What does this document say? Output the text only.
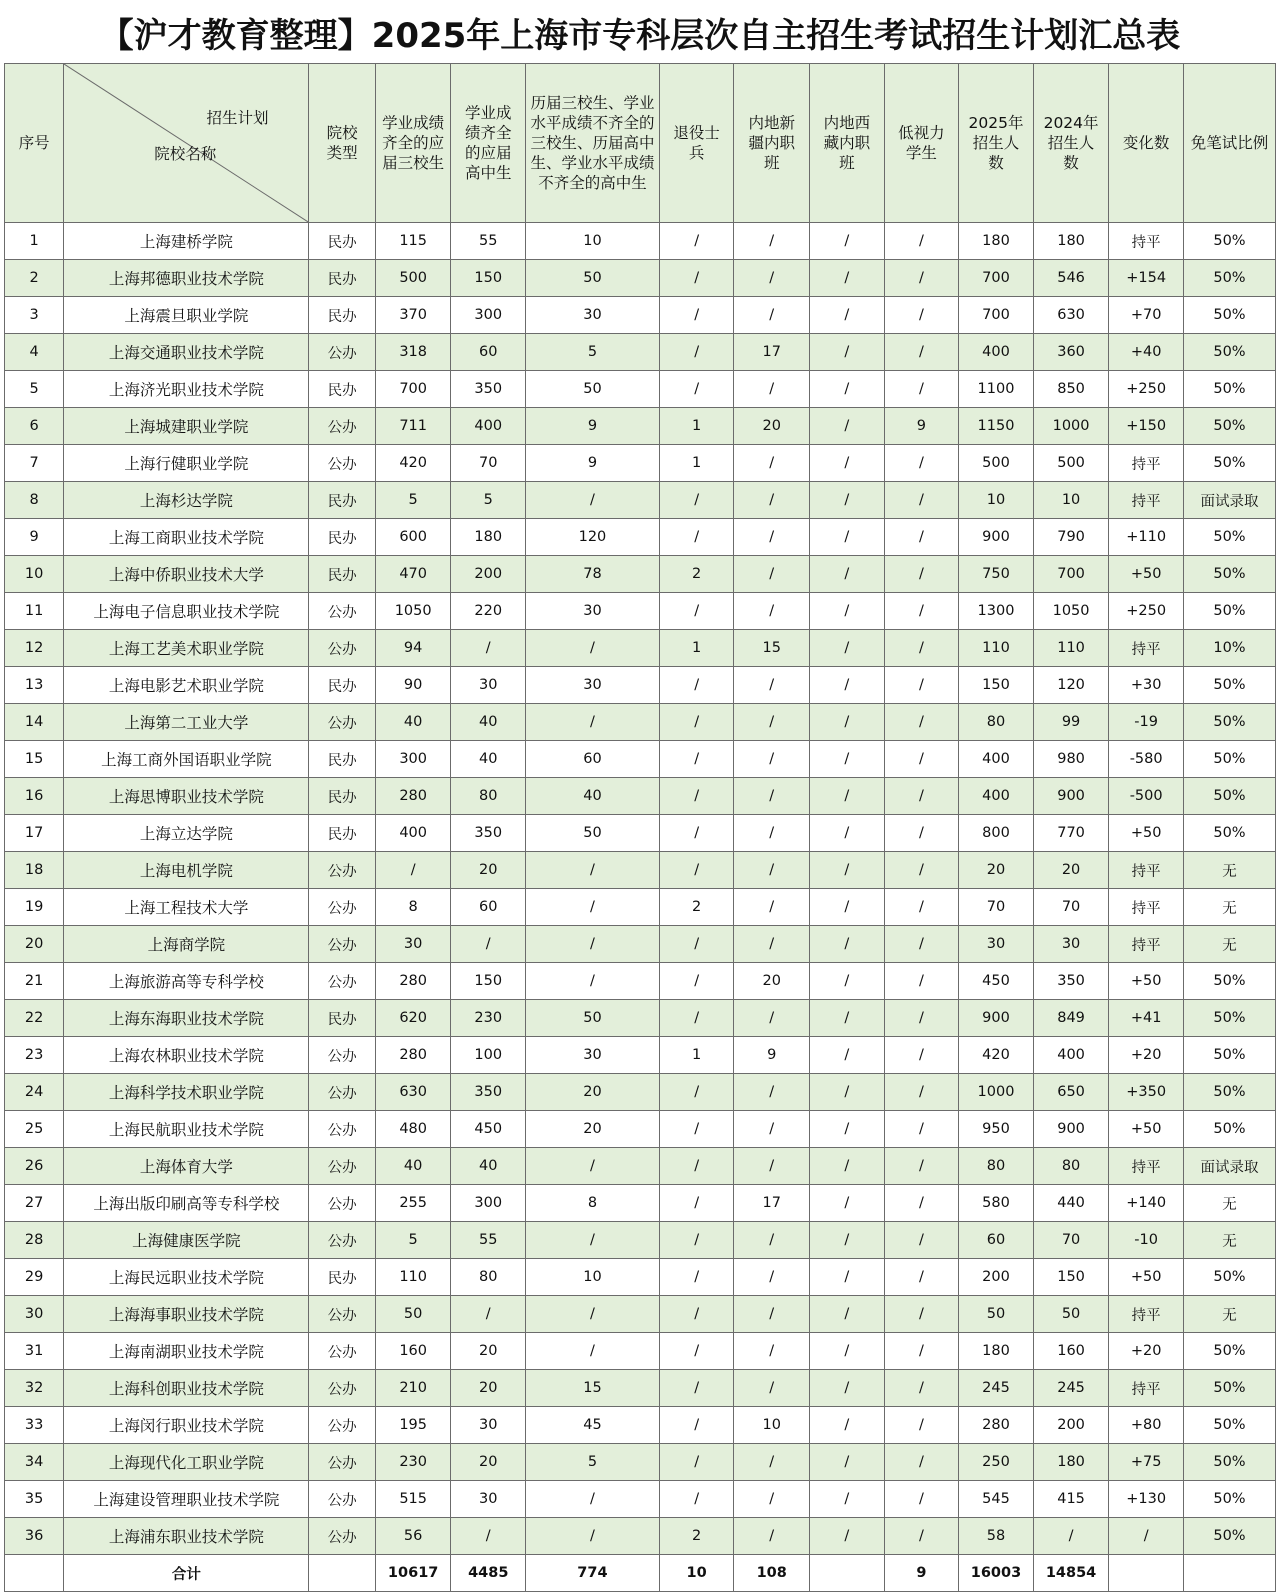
【沪才教育整理】2025年上海市专科层次自主招生考试招生计划汇总表
序号	招生计划
院校名称	院校类型	学业成绩齐全的应届三校生	学业成绩齐全的应届高中生	历届三校生、学业水平成绩不齐全的三校生、历届高中生、学业水平成绩不齐全的高中生	退役士兵	内地新疆内职班	内地西藏内职班	低视力学生	2025年招生人数	2024年招生人数	变化数	免笔试比例
1	上海建桥学院	民办	115	55	10	/	/	/	/	180	180	持平	50%
2	上海邦德职业技术学院	民办	500	150	50	/	/	/	/	700	546	+154	50%
3	上海震旦职业学院	民办	370	300	30	/	/	/	/	700	630	+70	50%
4	上海交通职业技术学院	公办	318	60	5	/	17	/	/	400	360	+40	50%
5	上海济光职业技术学院	民办	700	350	50	/	/	/	/	1100	850	+250	50%
6	上海城建职业学院	公办	711	400	9	1	20	/	9	1150	1000	+150	50%
7	上海行健职业学院	公办	420	70	9	1	/	/	/	500	500	持平	50%
8	上海杉达学院	民办	5	5	/	/	/	/	/	10	10	持平	面试录取
9	上海工商职业技术学院	民办	600	180	120	/	/	/	/	900	790	+110	50%
10	上海中侨职业技术大学	民办	470	200	78	2	/	/	/	750	700	+50	50%
11	上海电子信息职业技术学院	公办	1050	220	30	/	/	/	/	1300	1050	+250	50%
12	上海工艺美术职业学院	公办	94	/	/	1	15	/	/	110	110	持平	10%
13	上海电影艺术职业学院	民办	90	30	30	/	/	/	/	150	120	+30	50%
14	上海第二工业大学	公办	40	40	/	/	/	/	/	80	99	-19	50%
15	上海工商外国语职业学院	民办	300	40	60	/	/	/	/	400	980	-580	50%
16	上海思博职业技术学院	民办	280	80	40	/	/	/	/	400	900	-500	50%
17	上海立达学院	民办	400	350	50	/	/	/	/	800	770	+50	50%
18	上海电机学院	公办	/	20	/	/	/	/	/	20	20	持平	无
19	上海工程技术大学	公办	8	60	/	2	/	/	/	70	70	持平	无
20	上海商学院	公办	30	/	/	/	/	/	/	30	30	持平	无
21	上海旅游高等专科学校	公办	280	150	/	/	20	/	/	450	350	+50	50%
22	上海东海职业技术学院	民办	620	230	50	/	/	/	/	900	849	+41	50%
23	上海农林职业技术学院	公办	280	100	30	1	9	/	/	420	400	+20	50%
24	上海科学技术职业学院	公办	630	350	20	/	/	/	/	1000	650	+350	50%
25	上海民航职业技术学院	公办	480	450	20	/	/	/	/	950	900	+50	50%
26	上海体育大学	公办	40	40	/	/	/	/	/	80	80	持平	面试录取
27	上海出版印刷高等专科学校	公办	255	300	8	/	17	/	/	580	440	+140	无
28	上海健康医学院	公办	5	55	/	/	/	/	/	60	70	-10	无
29	上海民远职业技术学院	民办	110	80	10	/	/	/	/	200	150	+50	50%
30	上海海事职业技术学院	公办	50	/	/	/	/	/	/	50	50	持平	无
31	上海南湖职业技术学院	公办	160	20	/	/	/	/	/	180	160	+20	50%
32	上海科创职业技术学院	公办	210	20	15	/	/	/	/	245	245	持平	50%
33	上海闵行职业技术学院	公办	195	30	45	/	10	/	/	280	200	+80	50%
34	上海现代化工职业学院	公办	230	20	5	/	/	/	/	250	180	+75	50%
35	上海建设管理职业技术学院	公办	515	30	/	/	/	/	/	545	415	+130	50%
36	上海浦东职业技术学院	公办	56	/	/	2	/	/	/	58	/	/	50%
	合计		10617	4485	774	10	108		9	16003	14854		
